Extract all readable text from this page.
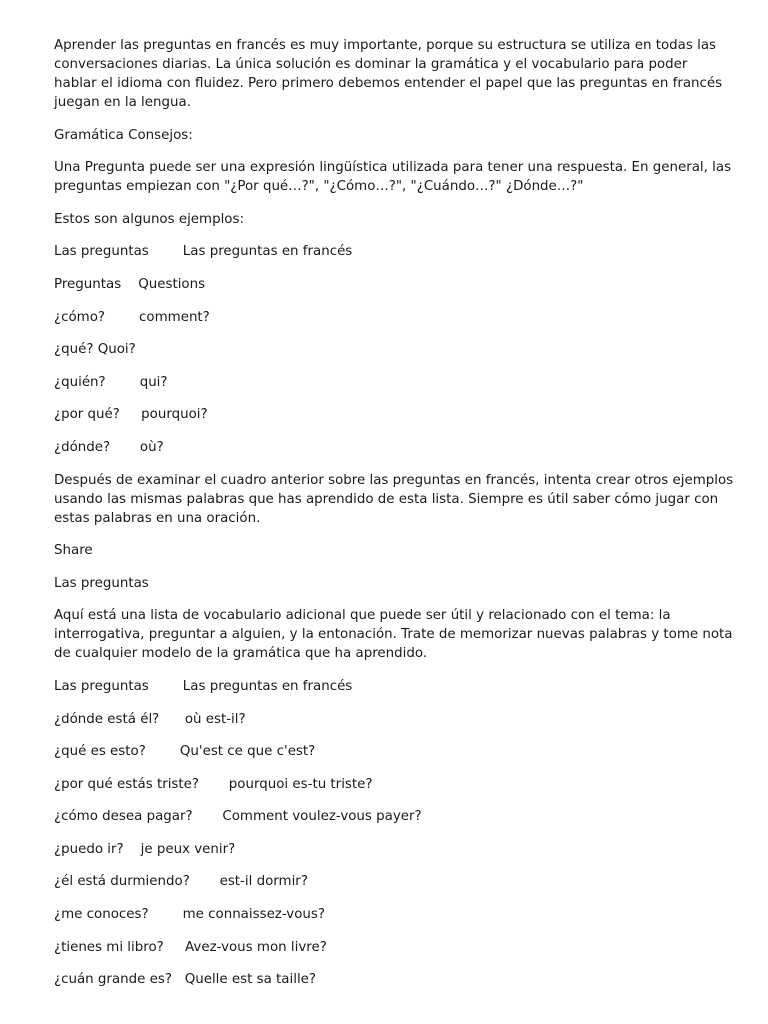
Aprender las preguntas en francés es muy importante, porque su estructura se utiliza en todas las conversaciones diarias. La única solución es dominar la gramática y el vocabulario para poder hablar el idioma con fluidez. Pero primero debemos entender el papel que las preguntas en francés juegan en la lengua.

Gramática Consejos:

Una Pregunta puede ser una expresión lingüística utilizada para tener una respuesta. En general, las preguntas empiezan con "¿Por qué…?", "¿Cómo…?", "¿Cuándo…?" ¿Dónde…?"

Estos son algunos ejemplos:

Las preguntas        Las preguntas en francés

Preguntas    Questions

¿cómo?        comment?

¿qué? Quoi?

¿quién?        qui?

¿por qué?     pourquoi?

¿dónde?       où?

Después de examinar el cuadro anterior sobre las preguntas en francés, intenta crear otros ejemplos usando las mismas palabras que has aprendido de esta lista. Siempre es útil saber cómo jugar con estas palabras en una oración.

Share

Las preguntas

Aquí está una lista de vocabulario adicional que puede ser útil y relacionado con el tema: la interrogativa, preguntar a alguien, y la entonación. Trate de memorizar nuevas palabras y tome nota de cualquier modelo de la gramática que ha aprendido.

Las preguntas        Las preguntas en francés

¿dónde está él?      où est-il?

¿qué es esto?        Qu'est ce que c'est?

¿por qué estás triste?       pourquoi es-tu triste?

¿cómo desea pagar?       Comment voulez-vous payer?

¿puedo ir?    je peux venir?

¿él está durmiendo?       est-il dormir?

¿me conoces?        me connaissez-vous?

¿tienes mi libro?     Avez-vous mon livre?

¿cuán grande es?   Quelle est sa taille?
